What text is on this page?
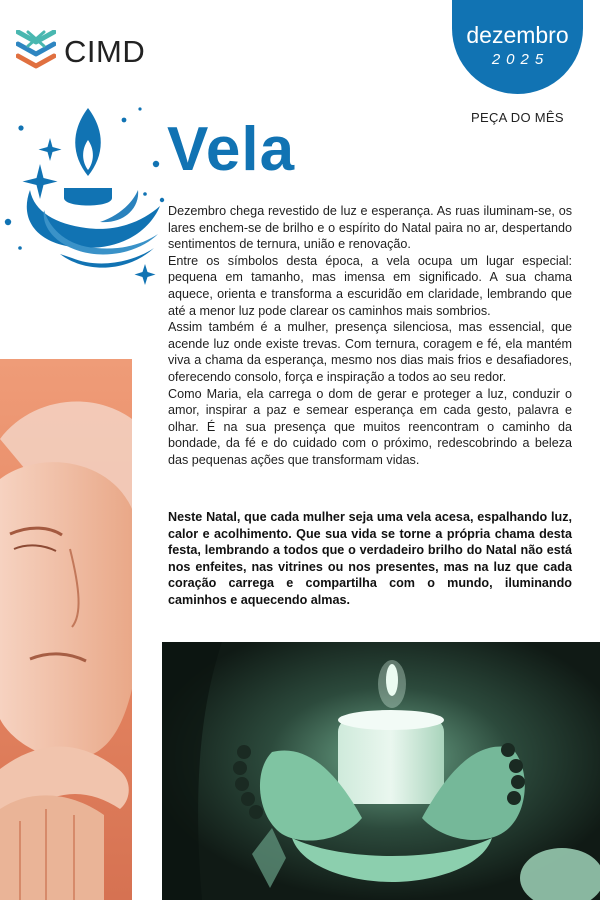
CIMD	dezembro
2025
PEÇA DO MÊS
Vela

Dezembro chega revestido de luz e esperança. As ruas iluminam-se, os lares enchem-se de brilho e o espírito do Natal paira no ar, despertando sentimentos de ternura, união e renovação.

Entre os símbolos desta época, a vela ocupa um lugar especial: pequena em tamanho, mas imensa em significado. A sua chama aquece, orienta e transforma a escuridão em claridade, lembrando que até a menor luz pode clarear os caminhos mais sombrios.

Assim também é a mulher, presença silenciosa, mas essencial, que acende luz onde existe trevas. Com ternura, coragem e fé, ela mantém viva a chama da esperança, mesmo nos dias mais frios e desafiadores, oferecendo consolo, força e inspiração a todos ao seu redor.

Como Maria, ela carrega o dom de gerar e proteger a luz, conduzir o amor, inspirar a paz e semear esperança em cada gesto, palavra e olhar. É na sua presença que muitos reencontram o caminho da bondade, da fé e do cuidado com o próximo, redescobrindo a beleza das pequenas ações que transformam vidas.

Neste Natal, que cada mulher seja uma vela acesa, espalhando luz, calor e acolhimento. Que sua vida se torne a própria chama desta festa, lembrando a todos que o verdadeiro brilho do Natal não está nos enfeites, nas vitrines ou nos presentes, mas na luz que cada coração carrega e compartilha com o mundo, iluminando caminhos e aquecendo almas.
